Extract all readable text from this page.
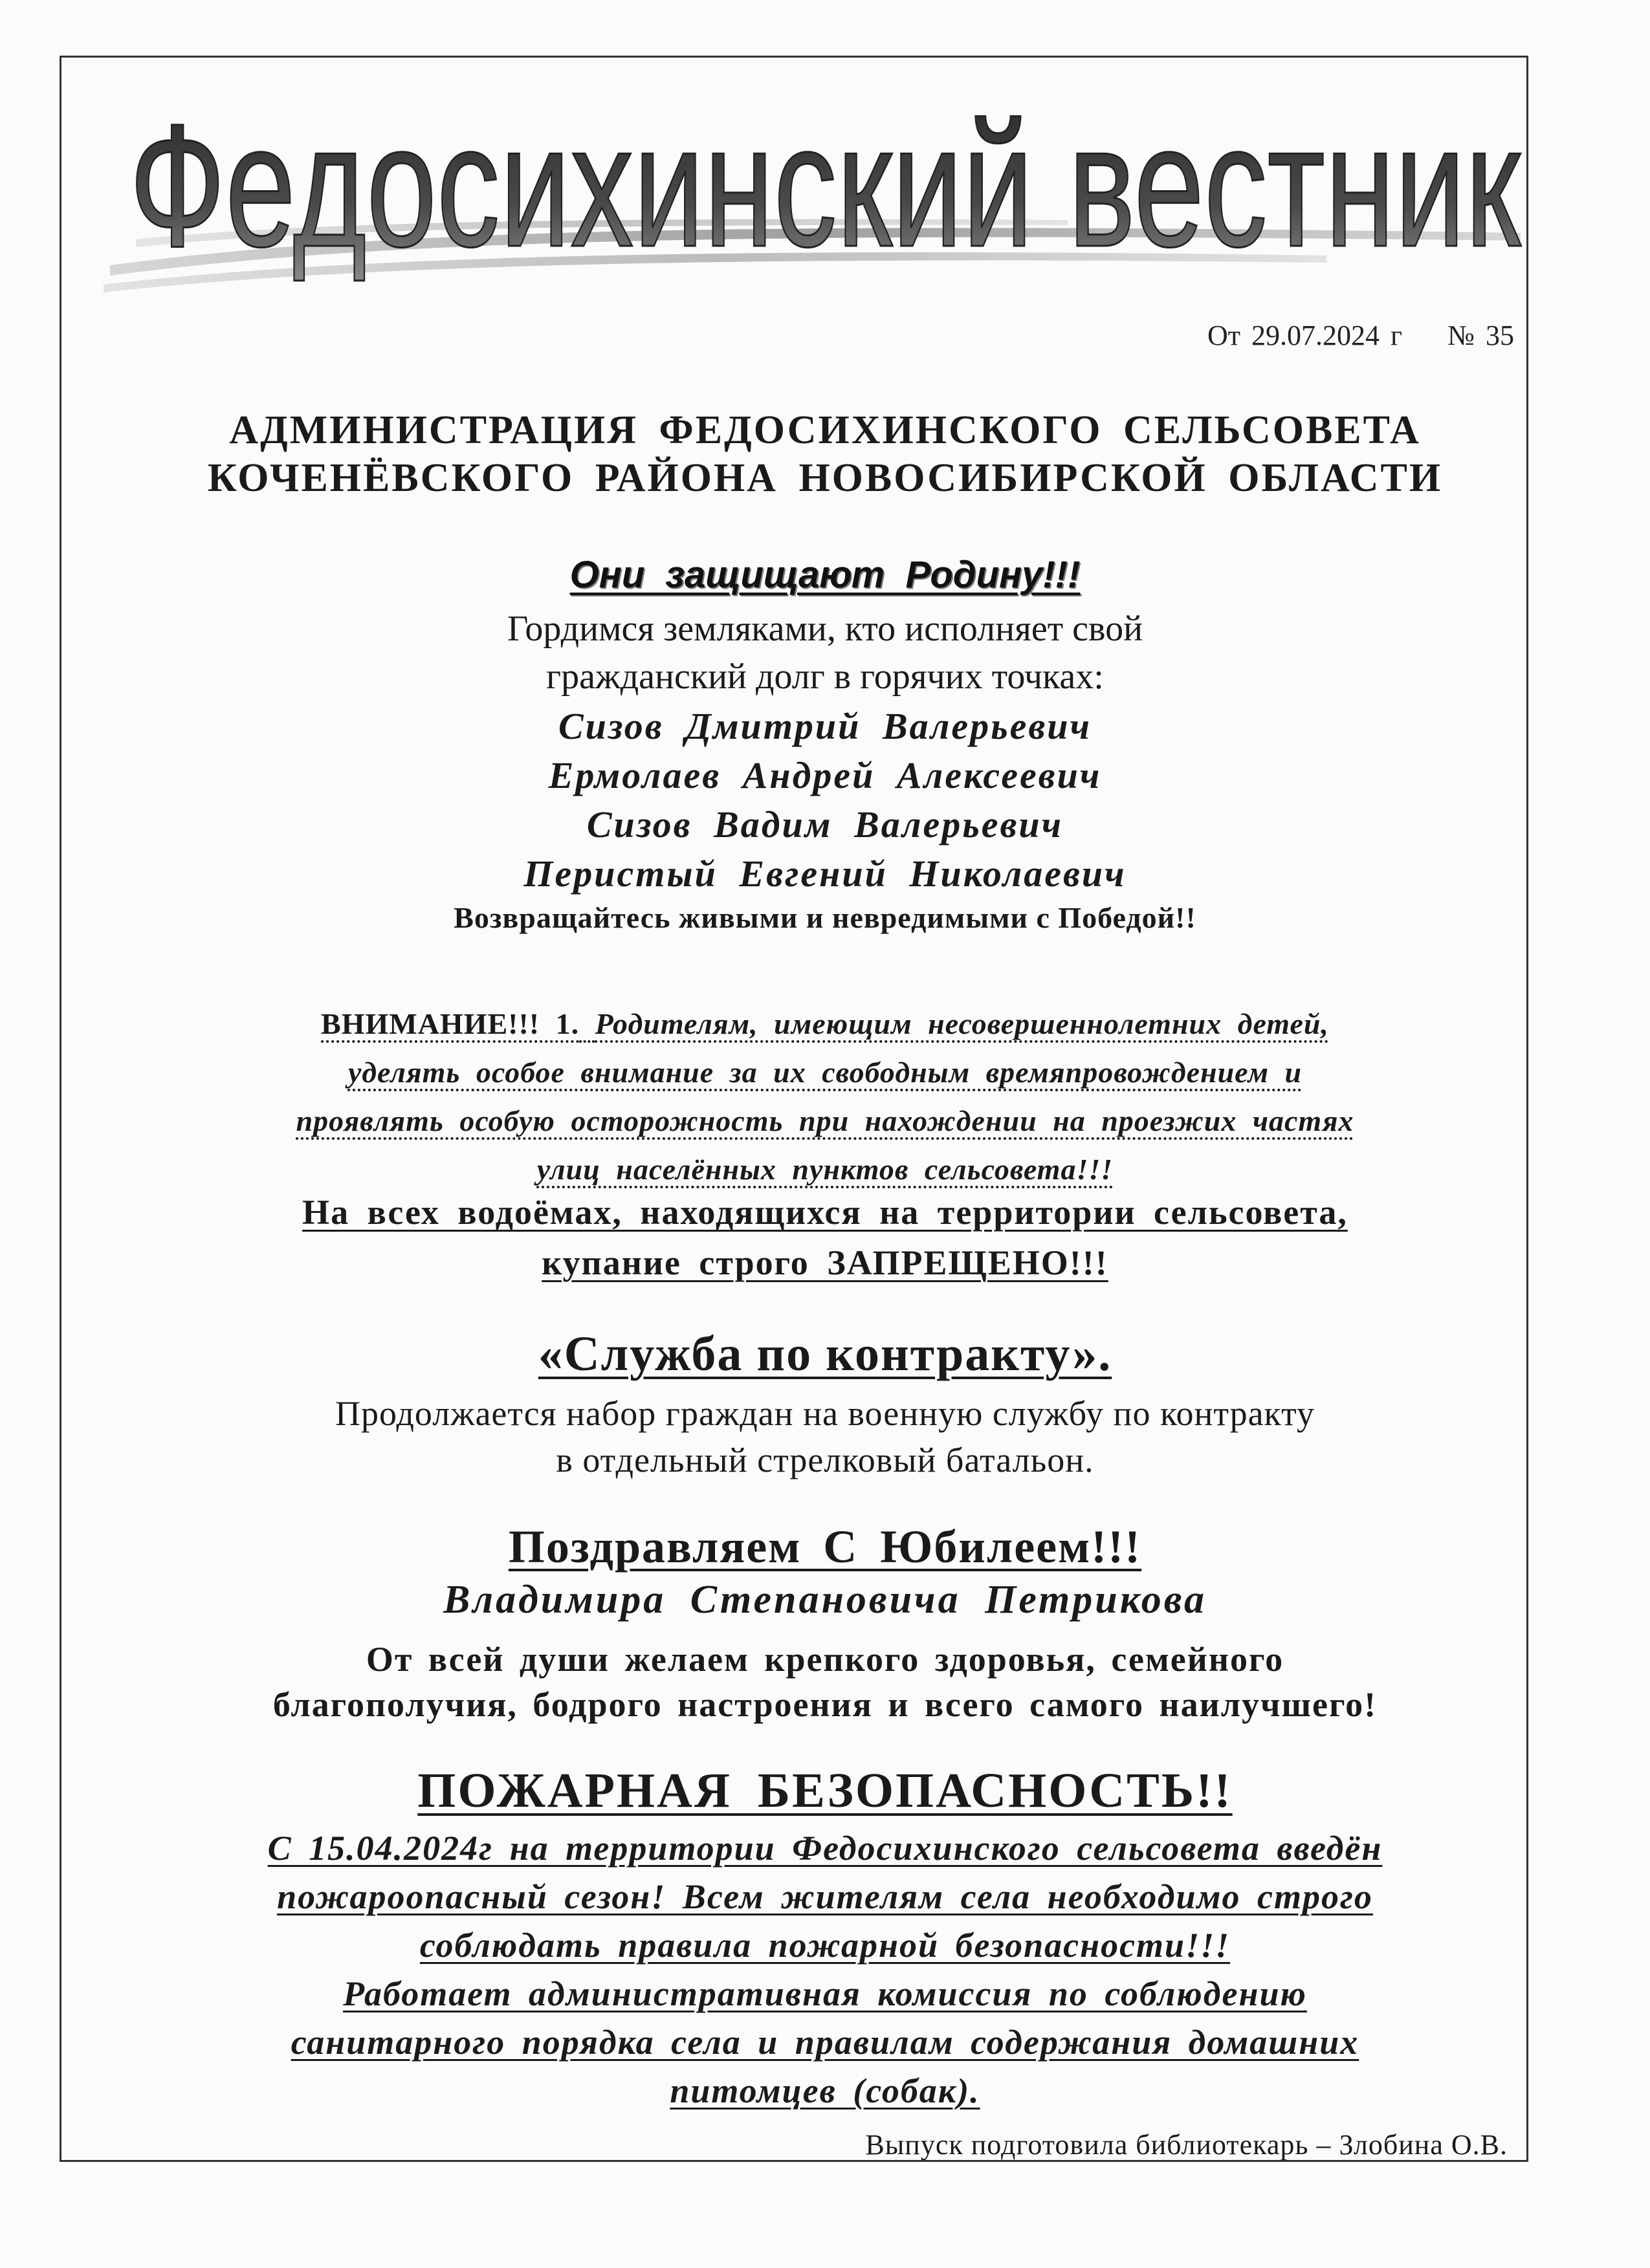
Федосихинский вестник
От 29.07.2024 г № 35
АДМИНИСТРАЦИЯ ФЕДОСИХИНСКОГО СЕЛЬСОВЕТА
КОЧЕНЁВСКОГО РАЙОНА НОВОСИБИРСКОЙ ОБЛАСТИ
Они защищают Родину!!!
Гордимся земляками, кто исполняет свой
гражданский долг в горячих точках:
Сизов Дмитрий Валерьевич
Ермолаев Андрей Алексеевич
Сизов Вадим Валерьевич
Перистый Евгений Николаевич
Возвращайтесь живыми и невредимыми с Победой!!
ВНИМАНИЕ!!! 1. Родителям, имеющим несовершеннолетних детей,
уделять особое внимание за их свободным времяпровождением и
проявлять особую осторожность при нахождении на проезжих частях
улиц населённых пунктов сельсовета!!!
На всех водоёмах, находящихся на территории сельсовета,
купание строго ЗАПРЕЩЕНО!!!
«Служба по контракту».
Продолжается набор граждан на военную службу по контракту
в отдельный стрелковый батальон.
Поздравляем С Юбилеем!!!
Владимира Степановича Петрикова
От всей души желаем крепкого здоровья, семейного
благополучия, бодрого настроения и всего самого наилучшего!
ПОЖАРНАЯ БЕЗОПАСНОСТЬ!!
С 15.04.2024г на территории Федосихинского сельсовета введён
пожароопасный сезон! Всем жителям села необходимо строго
соблюдать правила пожарной безопасности!!!
Работает административная комиссия по соблюдению
санитарного порядка села и правилам содержания домашних
питомцев (собак).
Выпуск подготовила библиотекарь – Злобина О.В.
